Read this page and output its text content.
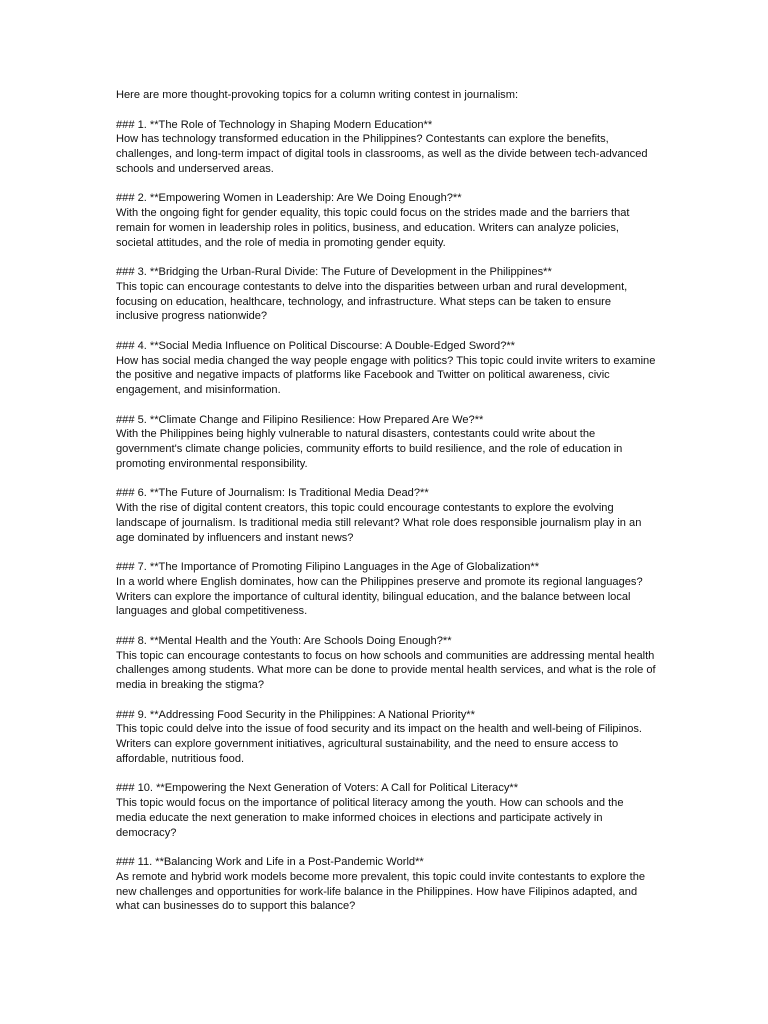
Here are more thought-provoking topics for a column writing contest in journalism:

### 1. **The Role of Technology in Shaping Modern Education**

How has technology transformed education in the Philippines? Contestants can explore the benefits, challenges, and long-term impact of digital tools in classrooms, as well as the divide between tech-advanced schools and underserved areas.

### 2. **Empowering Women in Leadership: Are We Doing Enough?**

With the ongoing fight for gender equality, this topic could focus on the strides made and the barriers that remain for women in leadership roles in politics, business, and education. Writers can analyze policies, societal attitudes, and the role of media in promoting gender equity.

### 3. **Bridging the Urban-Rural Divide: The Future of Development in the Philippines**

This topic can encourage contestants to delve into the disparities between urban and rural development, focusing on education, healthcare, technology, and infrastructure. What steps can be taken to ensure inclusive progress nationwide?

### 4. **Social Media Influence on Political Discourse: A Double-Edged Sword?**

How has social media changed the way people engage with politics? This topic could invite writers to examine the positive and negative impacts of platforms like Facebook and Twitter on political awareness, civic engagement, and misinformation.

### 5. **Climate Change and Filipino Resilience: How Prepared Are We?**

With the Philippines being highly vulnerable to natural disasters, contestants could write about the government's climate change policies, community efforts to build resilience, and the role of education in promoting environmental responsibility.

### 6. **The Future of Journalism: Is Traditional Media Dead?**

With the rise of digital content creators, this topic could encourage contestants to explore the evolving landscape of journalism. Is traditional media still relevant? What role does responsible journalism play in an age dominated by influencers and instant news?

### 7. **The Importance of Promoting Filipino Languages in the Age of Globalization**

In a world where English dominates, how can the Philippines preserve and promote its regional languages? Writers can explore the importance of cultural identity, bilingual education, and the balance between local languages and global competitiveness.

### 8. **Mental Health and the Youth: Are Schools Doing Enough?**

This topic can encourage contestants to focus on how schools and communities are addressing mental health challenges among students. What more can be done to provide mental health services, and what is the role of media in breaking the stigma?

### 9. **Addressing Food Security in the Philippines: A National Priority**

This topic could delve into the issue of food security and its impact on the health and well-being of Filipinos. Writers can explore government initiatives, agricultural sustainability, and the need to ensure access to affordable, nutritious food.

### 10. **Empowering the Next Generation of Voters: A Call for Political Literacy**

This topic would focus on the importance of political literacy among the youth. How can schools and the media educate the next generation to make informed choices in elections and participate actively in democracy?

### 11. **Balancing Work and Life in a Post-Pandemic World**

As remote and hybrid work models become more prevalent, this topic could invite contestants to explore the new challenges and opportunities for work-life balance in the Philippines. How have Filipinos adapted, and what can businesses do to support this balance?
